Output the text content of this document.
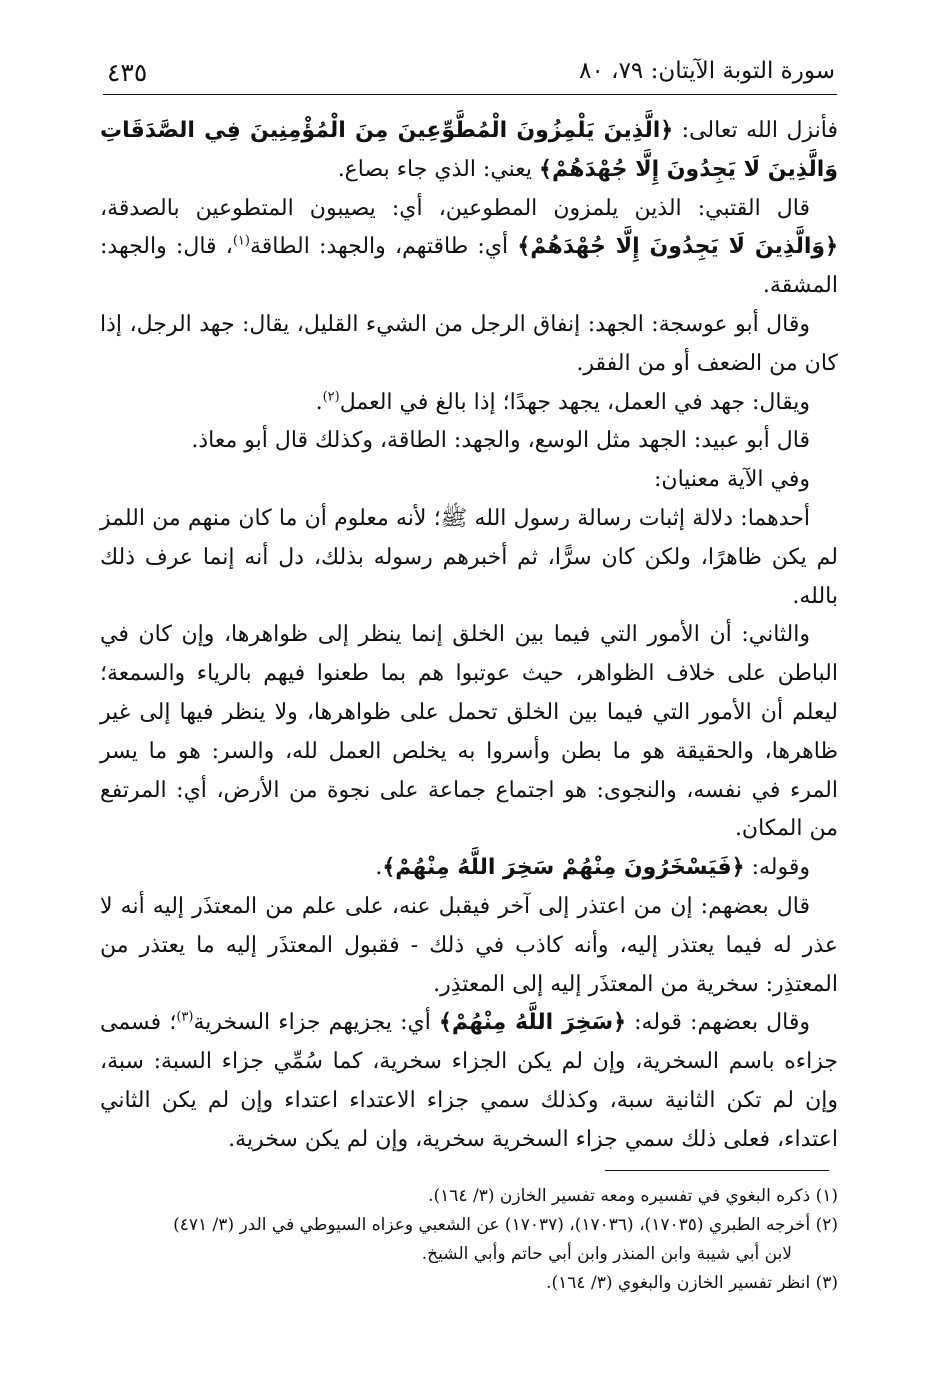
٤٣٥	سورة التوبة الآيتان: ٧٩، ٨٠

فأنزل الله تعالى: ﴿الَّذِينَ يَلْمِزُونَ الْمُطَّوِّعِينَ مِنَ الْمُؤْمِنِينَ فِي الصَّدَقَاتِ وَالَّذِينَ لَا يَجِدُونَ إِلَّا جُهْدَهُمْ﴾ يعني: الذي جاء بصاع.

قال القتبي: الذين يلمزون المطوعين، أي: يصيبون المتطوعين بالصدقة، ﴿وَالَّذِينَ لَا يَجِدُونَ إِلَّا جُهْدَهُمْ﴾ أي: طاقتهم، والجهد: الطاقة$^{(١)}$، قال: والجهد: المشقة.

وقال أبو عوسجة: الجهد: إنفاق الرجل من الشيء القليل، يقال: جهد الرجل، إذا كان من الضعف أو من الفقر.

ويقال: جهد في العمل، يجهد جهدًا؛ إذا بالغ في العمل$^{(٢)}$.

قال أبو عبيد: الجهد مثل الوسع، والجهد: الطاقة، وكذلك قال أبو معاذ.

وفي الآية معنيان:

أحدهما: دلالة إثبات رسالة رسول الله ﷺ؛ لأنه معلوم أن ما كان منهم من اللمز لم يكن ظاهرًا، ولكن كان سرًّا، ثم أخبرهم رسوله بذلك، دل أنه إنما عرف ذلك بالله.

والثاني: أن الأمور التي فيما بين الخلق إنما ينظر إلى ظواهرها، وإن كان في الباطن على خلاف الظواهر، حيث عوتبوا هم بما طعنوا فيهم بالرياء والسمعة؛ ليعلم أن الأمور التي فيما بين الخلق تحمل على ظواهرها، ولا ينظر فيها إلى غير ظاهرها، والحقيقة هو ما بطن وأسروا به يخلص العمل لله، والسر: هو ما يسر المرء في نفسه، والنجوى: هو اجتماع جماعة على نجوة من الأرض، أي: المرتفع من المكان.

وقوله: ﴿فَيَسْخَرُونَ مِنْهُمْ سَخِرَ اللَّهُ مِنْهُمْ﴾.

قال بعضهم: إن من اعتذر إلى آخر فيقبل عنه، على علم من المعتذَر إليه أنه لا عذر له فيما يعتذر إليه، وأنه كاذب في ذلك - فقبول المعتذَر إليه ما يعتذر من المعتذِر: سخرية من المعتذَر إليه إلى المعتذِر.

وقال بعضهم: قوله: ﴿سَخِرَ اللَّهُ مِنْهُمْ﴾ أي: يجزيهم جزاء السخرية$^{(٣)}$؛ فسمى جزاءه باسم السخرية، وإن لم يكن الجزاء سخرية، كما سُمِّي جزاء السبة: سبة، وإن لم تكن الثانية سبة، وكذلك سمي جزاء الاعتداء اعتداء وإن لم يكن الثاني اعتداء، فعلى ذلك سمي جزاء السخرية سخرية، وإن لم يكن سخرية.

(١) ذكره البغوي في تفسيره ومعه تفسير الخازن (٣/ ١٦٤).

(٢) أخرجه الطبري (١٧٠٣٥)، (١٧٠٣٦)، (١٧٠٣٧) عن الشعبي وعزاه السيوطي في الدر (٣/ ٤٧١)

لابن أبي شيبة وابن المنذر وابن أبي حاتم وأبي الشيخ.

(٣) انظر تفسير الخازن والبغوي (٣/ ١٦٤).
